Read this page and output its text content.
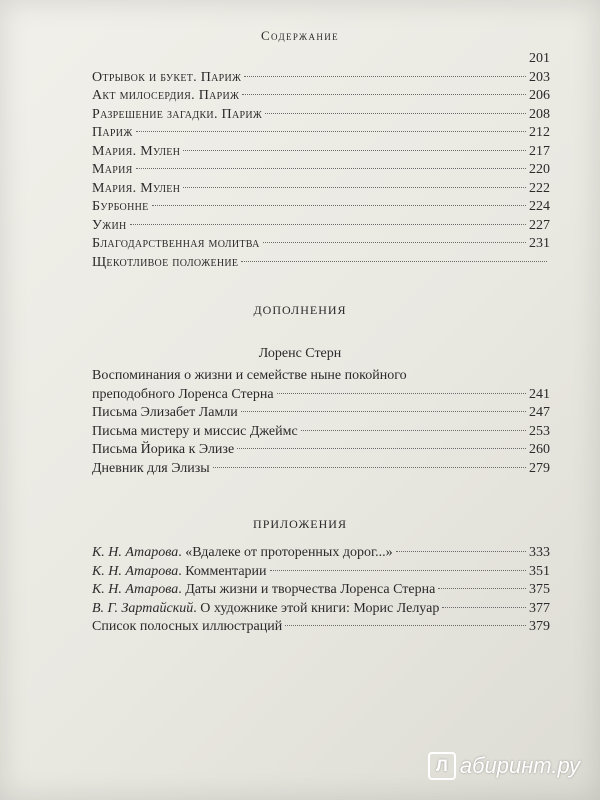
Содержание
201
Отрывок и букет. Париж	203
Акт милосердия. Париж	206
Разрешение загадки. Париж	208
Париж	212
Мария. Мулен	217
Мария	220
Мария. Мулен	222
Бурбонне	224
Ужин	227
Благодарственная молитва	231
Щекотливое положение
ДОПОЛНЕНИЯ
Лоренс Стерн
Воспоминания о жизни и семействе ныне покойного
преподобного Лоренса Стерна	241
Письма Элизабет Ламли	247
Письма мистеру и миссис Джеймс	253
Письма Йорика к Элизе	260
Дневник для Элизы	279
ПРИЛОЖЕНИЯ
К. Н. Атарова. «Вдалеке от проторенных дорог...»	333
К. Н. Атарова. Комментарии	351
К. Н. Атарова. Даты жизни и творчества Лоренса Стерна	375
В. Г. Зартайский. О художнике этой книги: Морис Лелуар	377
Список полосных иллюстраций	379
Л абиринт.ру
